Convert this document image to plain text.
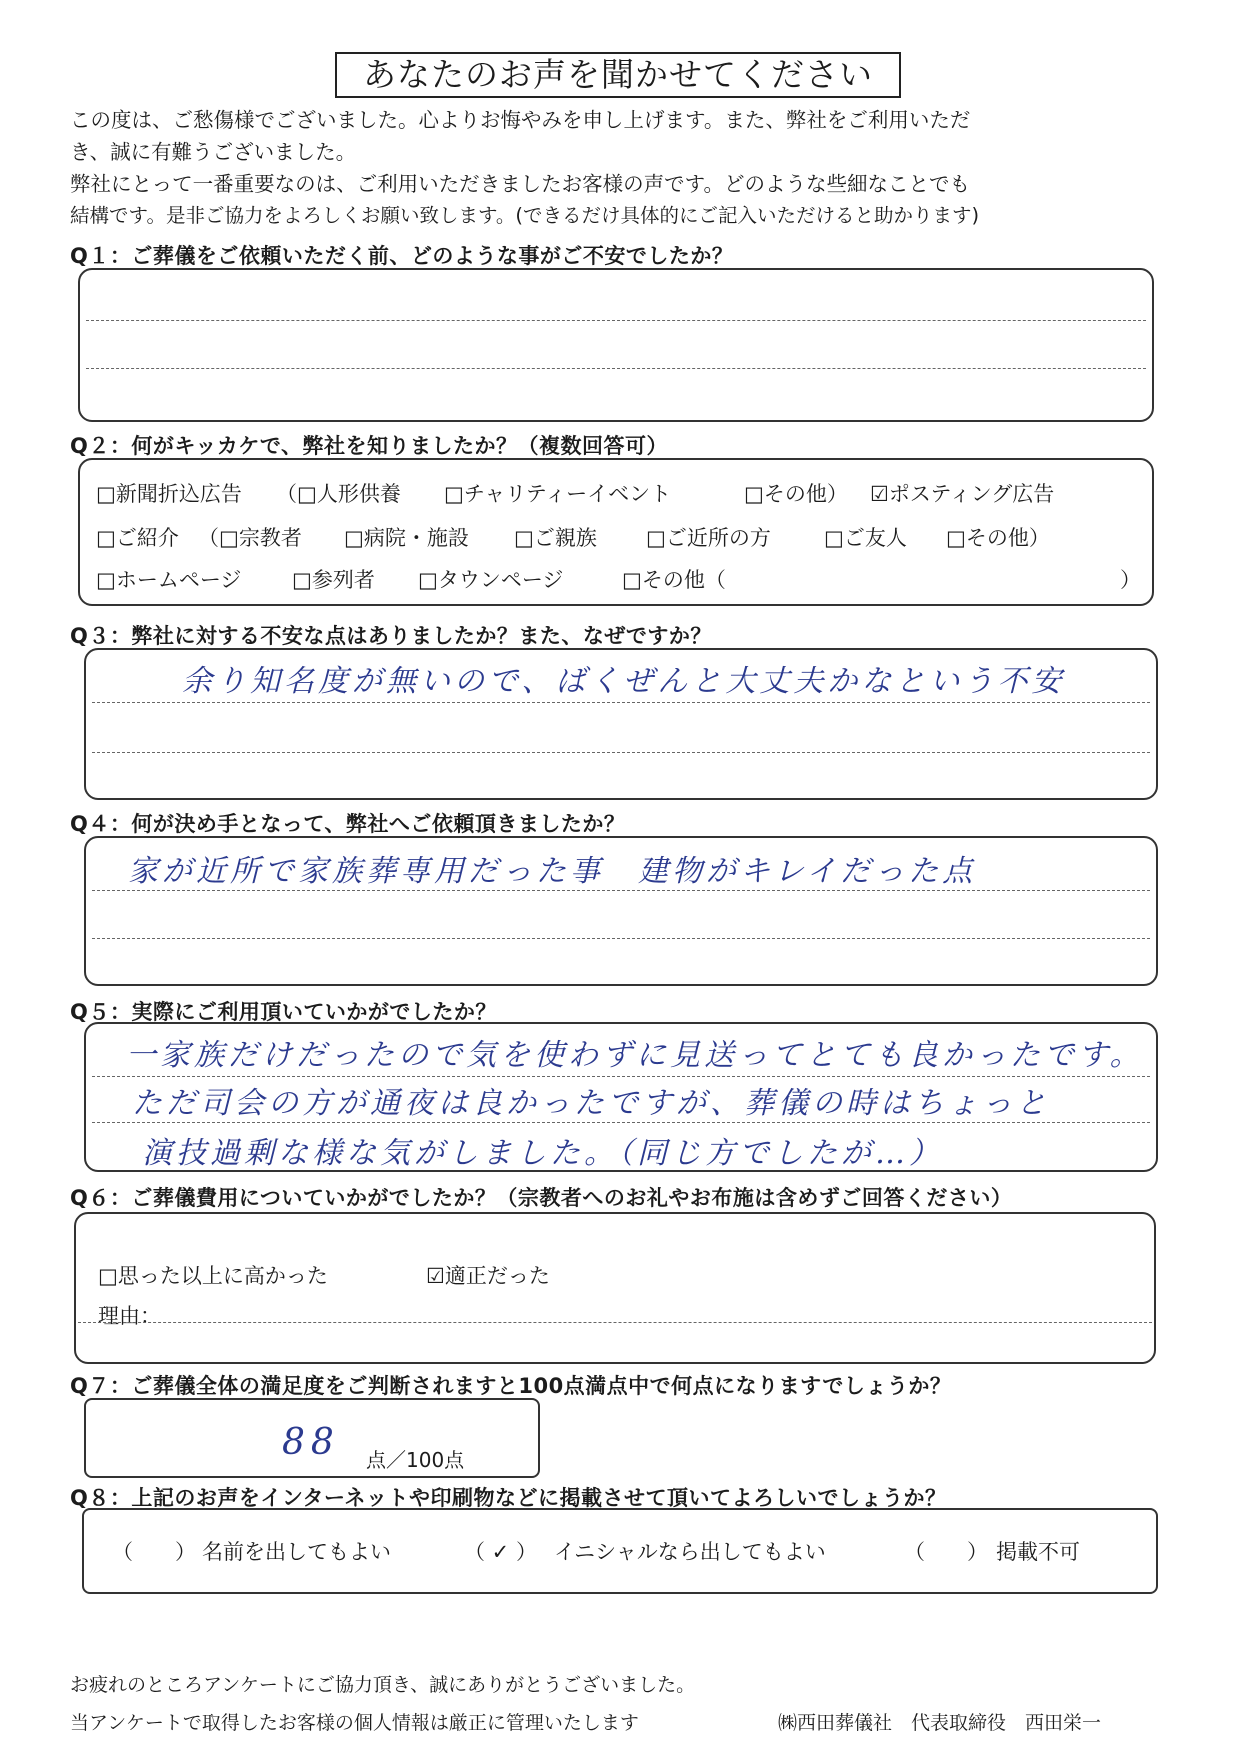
あなたのお声を聞かせてください
この度は、ご愁傷様でございました。心よりお悔やみを申し上げます。また、弊社をご利用いただ
き、誠に有難うございました。
弊社にとって一番重要なのは、ご利用いただきましたお客様の声です。どのような些細なことでも
結構です。是非ご協力をよろしくお願い致します。(できるだけ具体的にご記入いただけると助かります)
Q１：ご葬儀をご依頼いただく前、どのような事がご不安でしたか？
Q２：何がキッカケで、弊社を知りましたか？（複数回答可）
□新聞折込広告 （□人形供養 □チャリティーイベント	□その他） ☑ポスティング広告
□ご紹介 （□宗教者 □病院・施設 □ご親族 □ご近所の方	□ご友人 □その他）
□ホームページ □参列者 □タウンページ	□その他（	）
Q３：弊社に対する不安な点はありましたか？また、なぜですか？
余り知名度が無いので、ばくぜんと大丈夫かなという不安
Q４：何が決め手となって、弊社へご依頼頂きましたか？
家が近所で家族葬専用だった事　建物がキレイだった点
Q５：実際にご利用頂いていかがでしたか？
一家族だけだったので気を使わずに見送ってとても良かったです。
ただ司会の方が通夜は良かったですが、葬儀の時はちょっと
演技過剰な様な気がしました。（同じ方でしたが…）
Q６：ご葬儀費用についていかがでしたか？（宗教者へのお礼やお布施は含めずご回答ください）
□思った以上に高かった	☑適正だった
理由：
Q７：ご葬儀全体の満足度をご判断されますと100点満点中で何点になりますでしょうか？
88 点／100点
Q８：上記のお声をインターネットや印刷物などに掲載させて頂いてよろしいでしょうか？
（　　） 名前を出してもよい	（ ✓ ） イニシャルなら出してもよい	（　　） 掲載不可
お疲れのところアンケートにご協力頂き、誠にありがとうございました。
当アンケートで取得したお客様の個人情報は厳正に管理いたします	㈱西田葬儀社　代表取締役　西田栄一
